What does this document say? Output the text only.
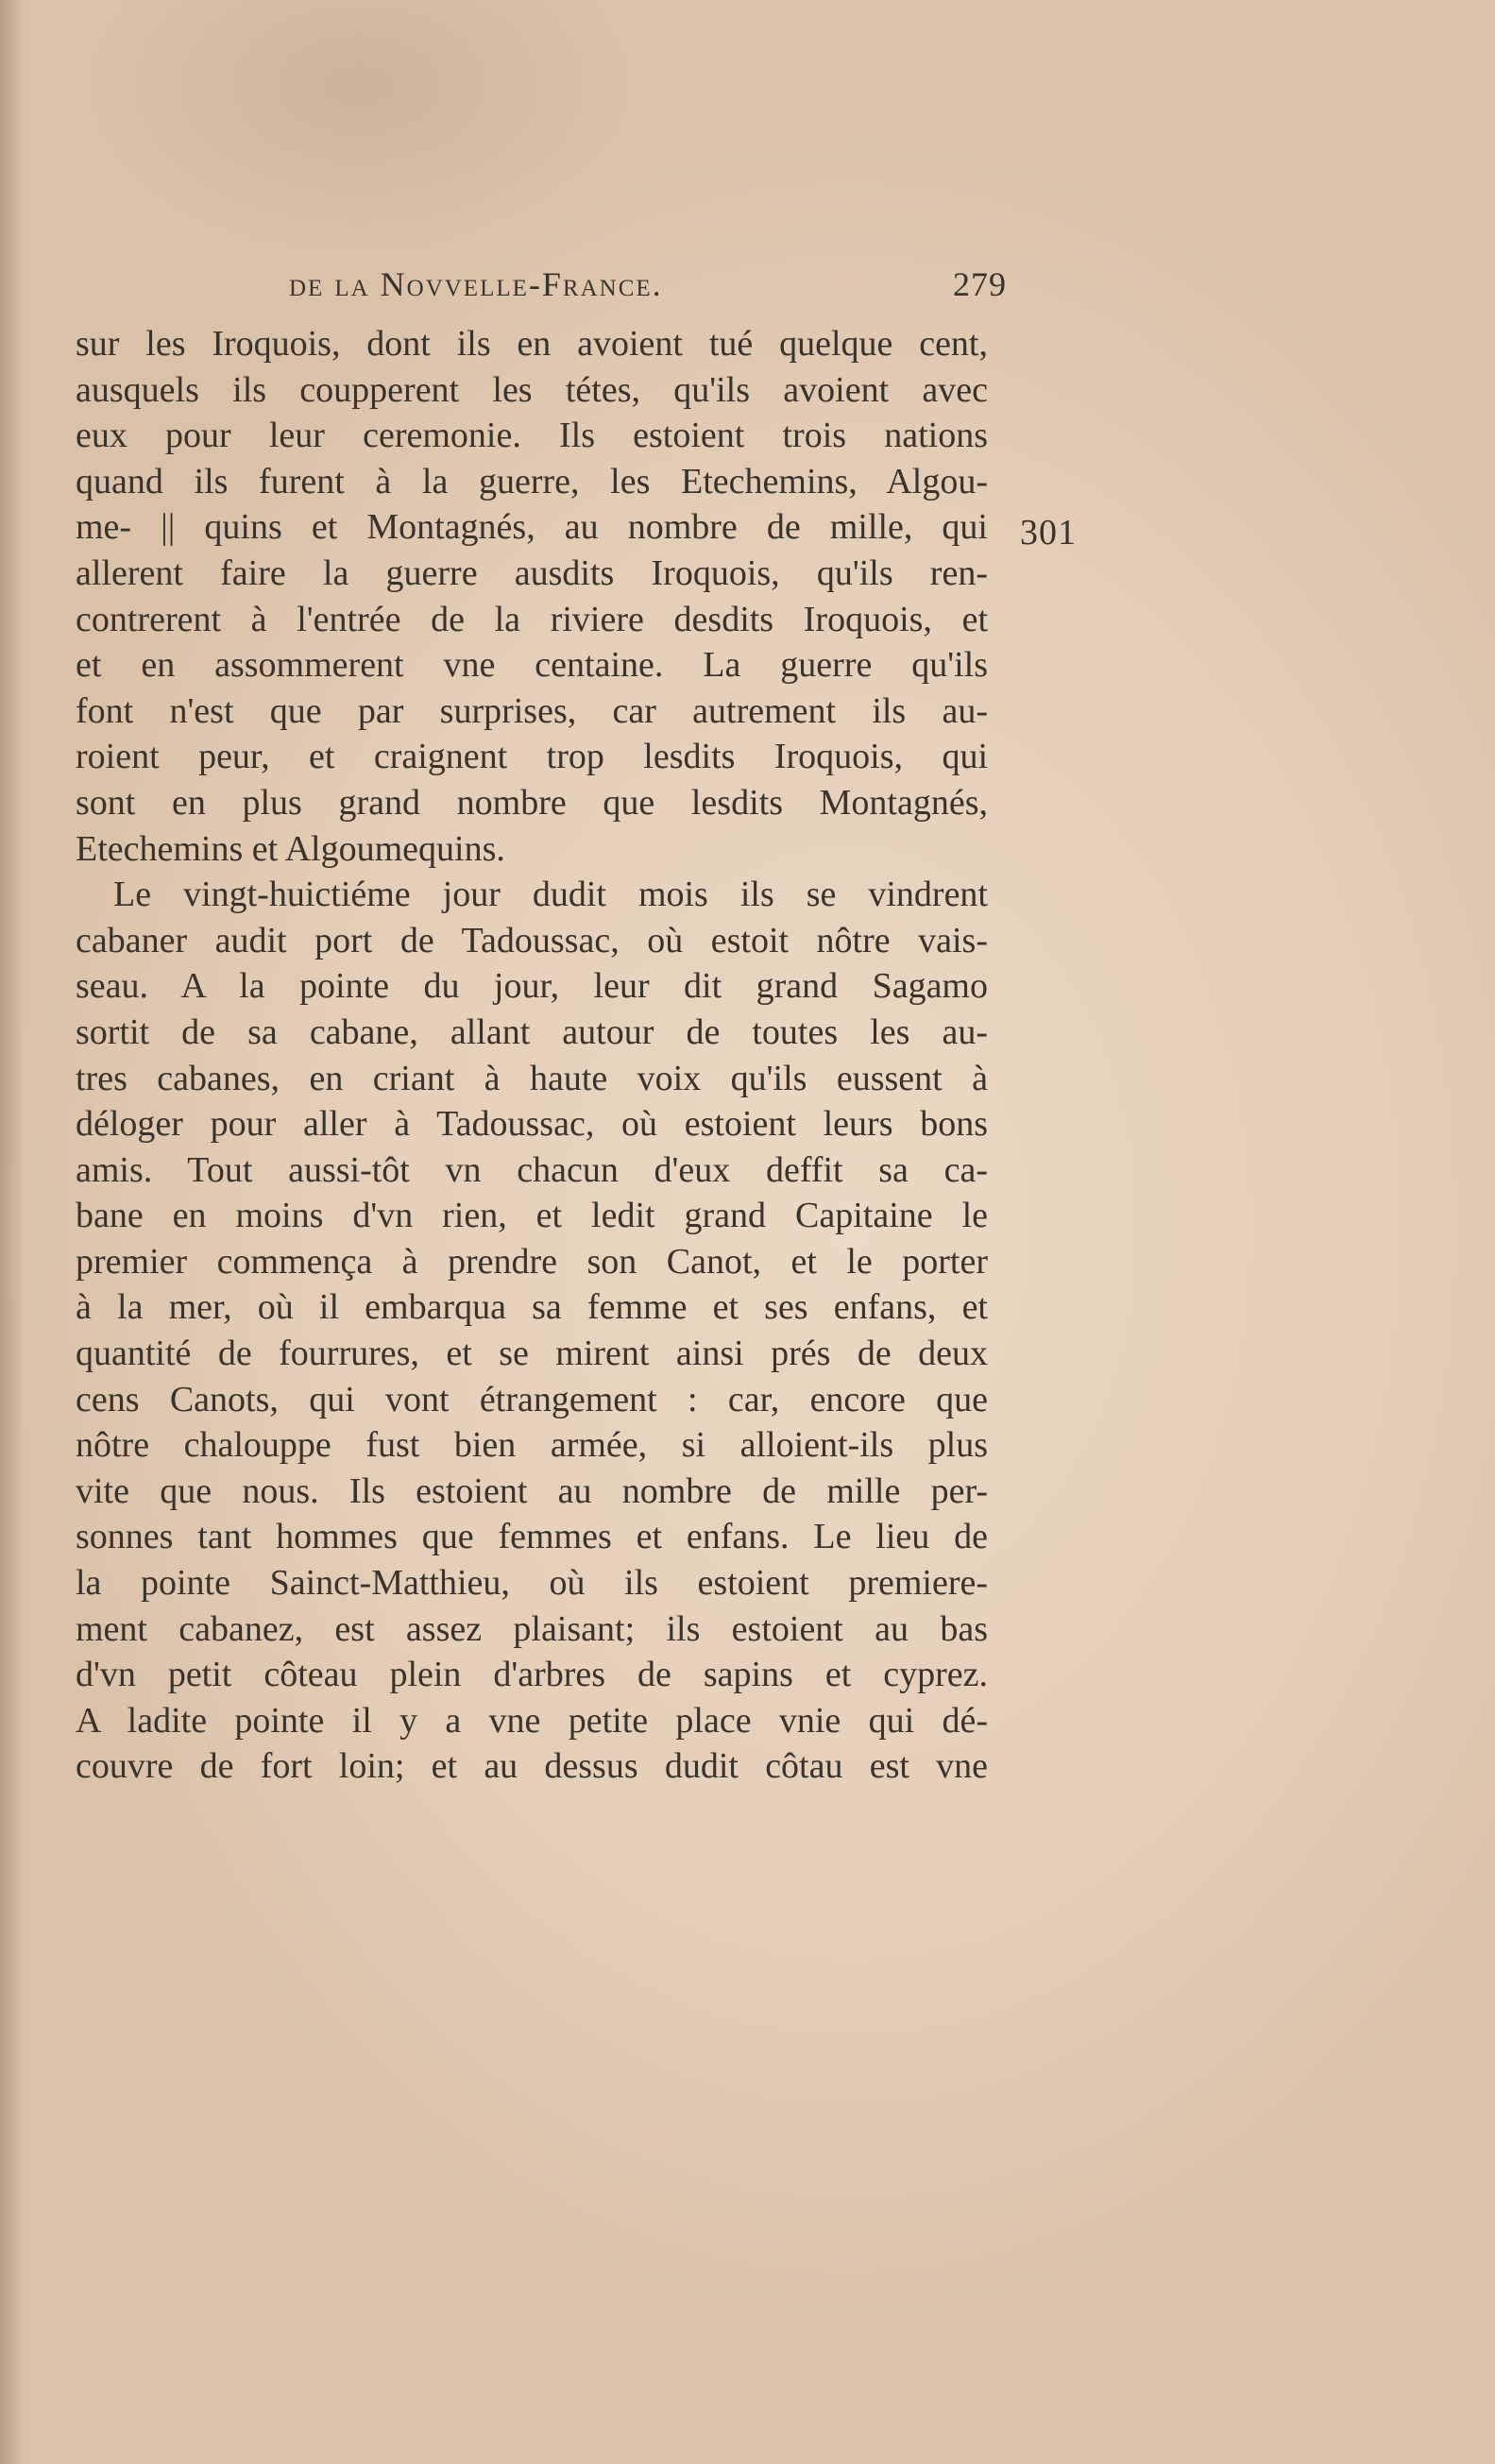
de la Novvelle-France.	279
301
sur les Iroquois, dont ils en avoient tué quelque cent,
ausquels ils coupperent les tétes, qu'ils avoient avec
eux pour leur ceremonie. Ils estoient trois nations
quand ils furent à la guerre, les Etechemins, Algou-
me- || quins et Montagnés, au nombre de mille, qui
allerent faire la guerre ausdits Iroquois, qu'ils ren-
contrerent à l'entrée de la riviere desdits Iroquois, et
et en assommerent vne centaine. La guerre qu'ils
font n'est que par surprises, car autrement ils au-
roient peur, et craignent trop lesdits Iroquois, qui
sont en plus grand nombre que lesdits Montagnés,
Etechemins et Algoumequins.
Le vingt-huictiéme jour dudit mois ils se vindrent
cabaner audit port de Tadoussac, où estoit nôtre vais-
seau. A la pointe du jour, leur dit grand Sagamo
sortit de sa cabane, allant autour de toutes les au-
tres cabanes, en criant à haute voix qu'ils eussent à
déloger pour aller à Tadoussac, où estoient leurs bons
amis. Tout aussi-tôt vn chacun d'eux deffit sa ca-
bane en moins d'vn rien, et ledit grand Capitaine le
premier commença à prendre son Canot, et le porter
à la mer, où il embarqua sa femme et ses enfans, et
quantité de fourrures, et se mirent ainsi prés de deux
cens Canots, qui vont étrangement : car, encore que
nôtre chalouppe fust bien armée, si alloient-ils plus
vite que nous. Ils estoient au nombre de mille per-
sonnes tant hommes que femmes et enfans. Le lieu de
la pointe Sainct-Matthieu, où ils estoient premiere-
ment cabanez, est assez plaisant; ils estoient au bas
d'vn petit côteau plein d'arbres de sapins et cyprez.
A ladite pointe il y a vne petite place vnie qui dé-
couvre de fort loin; et au dessus dudit côtau est vne
